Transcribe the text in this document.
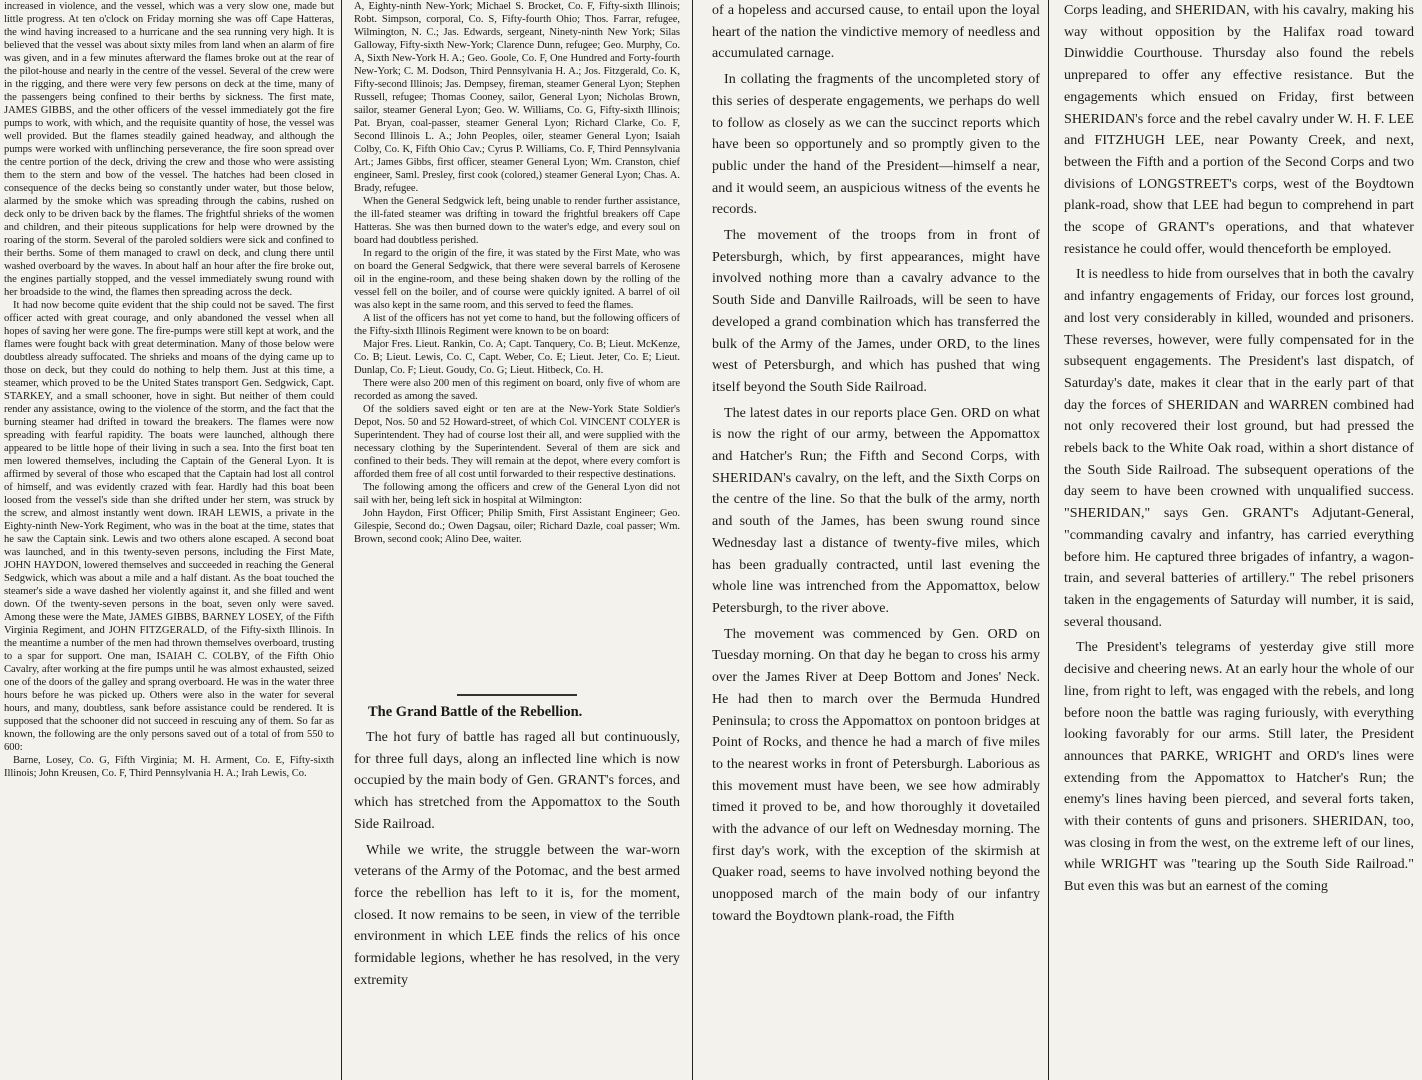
increased in violence, and the vessel, which was a very slow one, made but little progress. At ten o'clock on Friday morning she was off Cape Hatteras, the wind having increased to a hurricane and the sea running very high. It is believed that the vessel was about sixty miles from land when an alarm of fire was given, and in a few minutes afterward the flames broke out at the rear of the pilot-house and nearly in the centre of the vessel. Several of the crew were in the rigging, and there were very few persons on deck at the time, many of the passengers being confined to their berths by sickness. The first mate, JAMES GIBBS, and the other officers of the vessel immediately got the fire pumps to work, with which, and the requisite quantity of hose, the vessel was well provided. But the flames steadily gained headway, and although the pumps were worked with unflinching perseverance, the fire soon spread over the centre portion of the deck, driving the crew and those who were assisting them to the stern and bow of the vessel. The hatches had been closed in consequence of the decks being so constantly under water, but those below, alarmed by the smoke which was spreading through the cabins, rushed on deck only to be driven back by the flames. The frightful shrieks of the women and children, and their piteous supplications for help were drowned by the roaring of the storm. Several of the paroled soldiers were sick and confined to their berths. Some of them managed to crawl on deck, and clung there until washed overboard by the waves. In about half an hour after the fire broke out, the engines partially stopped, and the vessel immediately swung round with her broadside to the wind, the flames then spreading across the deck.

It had now become quite evident that the ship could not be saved. The first officer acted with great courage, and only abandoned the vessel when all hopes of saving her were gone. The fire-pumps were still kept at work, and the flames were fought back with great determination. Many of those below were doubtless already suffocated. The shrieks and moans of the dying came up to those on deck, but they could do nothing to help them. Just at this time, a steamer, which proved to be the United States transport Gen. Sedgwick, Capt. STARKEY, and a small schooner, hove in sight. But neither of them could render any assistance, owing to the violence of the storm, and the fact that the burning steamer had drifted in toward the breakers. The flames were now spreading with fearful rapidity. The boats were launched, although there appeared to be little hope of their living in such a sea. Into the first boat ten men lowered themselves, including the Captain of the General Lyon. It is affirmed by several of those who escaped that the Captain had lost all control of himself, and was evidently crazed with fear. Hardly had this boat been loosed from the vessel's side than she drifted under her stern, was struck by the screw, and almost instantly went down. IRAH LEWIS, a private in the Eighty-ninth New-York Regiment, who was in the boat at the time, states that he saw the Captain sink. Lewis and two others alone escaped. A second boat was launched, and in this twenty-seven persons, including the First Mate, JOHN HAYDON, lowered themselves and succeeded in reaching the General Sedgwick, which was about a mile and a half distant. As the boat touched the steamer's side a wave dashed her violently against it, and she filled and went down. Of the twenty-seven persons in the boat, seven only were saved. Among these were the Mate, JAMES GIBBS, BARNEY LOSEY, of the Fifth Virginia Regiment, and JOHN FITZGERALD, of the Fifty-sixth Illinois. In the meantime a number of the men had thrown themselves overboard, trusting to a spar for support. One man, ISAIAH C. COLBY, of the Fifth Ohio Cavalry, after working at the fire pumps until he was almost exhausted, seized one of the doors of the galley and sprang overboard. He was in the water three hours before he was picked up. Others were also in the water for several hours, and many, doubtless, sank before assistance could be rendered. It is supposed that the schooner did not succeed in rescuing any of them. So far as known, the following are the only persons saved out of a total of from 550 to 600:

Barne, Losey, Co. G, Fifth Virginia; M. H. Arment, Co. E, Fifty-sixth Illinois; John Kreusen, Co. F, Third Pennsylvania H. A.; Irah Lewis, Co.

A, Eighty-ninth New-York; Michael S. Brocket, Co. F, Fifty-sixth Illinois; Robt. Simpson, corporal, Co. S, Fifty-fourth Ohio; Thos. Farrar, refugee, Wilmington, N. C.; Jas. Edwards, sergeant, Ninety-ninth New York; Silas Galloway, Fifty-sixth New-York; Clarence Dunn, refugee; Geo. Murphy, Co. A, Sixth New-York H. A.; Geo. Goole, Co. F, One Hundred and Forty-fourth New-York; C. M. Dodson, Third Pennsylvania H. A.; Jos. Fitzgerald, Co. K, Fifty-second Illinois; Jas. Dempsey, fireman, steamer General Lyon; Stephen Russell, refugee; Thomas Cooney, sailor, General Lyon; Nicholas Brown, sailor, steamer General Lyon; Geo. W. Williams, Co. G, Fifty-sixth Illinois; Pat. Bryan, coal-passer, steamer General Lyon; Richard Clarke, Co. F, Second Illinois L. A.; John Peoples, oiler, steamer General Lyon; Isaiah Colby, Co. K, Fifth Ohio Cav.; Cyrus P. Williams, Co. F, Third Pennsylvania Art.; James Gibbs, first officer, steamer General Lyon; Wm. Cranston, chief engineer, Saml. Presley, first cook (colored,) steamer General Lyon; Chas. A. Brady, refugee.

When the General Sedgwick left, being unable to render further assistance, the ill-fated steamer was drifting in toward the frightful breakers off Cape Hatteras. She was then burned down to the water's edge, and every soul on board had doubtless perished.

In regard to the origin of the fire, it was stated by the First Mate, who was on board the General Sedgwick, that there were several barrels of Kerosene oil in the engine-room, and these being shaken down by the rolling of the vessel fell on the boiler, and of course were quickly ignited. A barrel of oil was also kept in the same room, and this served to feed the flames.

A list of the officers has not yet come to hand, but the following officers of the Fifty-sixth Illinois Regiment were known to be on board:

Major Fres. Lieut. Rankin, Co. A; Capt. Tanquery, Co. B; Lieut. McKenze, Co. B; Lieut. Lewis, Co. C, Capt. Weber, Co. E; Lieut. Jeter, Co. E; Lieut. Dunlap, Co. F; Lieut. Goudy, Co. G; Lieut. Hitbeck, Co. H.

There were also 200 men of this regiment on board, only five of whom are recorded as among the saved.

Of the soldiers saved eight or ten are at the New-York State Soldier's Depot, Nos. 50 and 52 Howard-street, of which Col. VINCENT COLYER is Superintendent. They had of course lost their all, and were supplied with the necessary clothing by the Superintendent. Several of them are sick and confined to their beds. They will remain at the depot, where every comfort is afforded them free of all cost until forwarded to their respective destinations.

The following among the officers and crew of the General Lyon did not sail with her, being left sick in hospital at Wilmington:

John Haydon, First Officer; Philip Smith, First Assistant Engineer; Geo. Gilespie, Second do.; Owen Dagsau, oiler; Richard Dazle, coal passer; Wm. Brown, second cook; Alino Dee, waiter.

The Grand Battle of the Rebellion.

The hot fury of battle has raged all but continuously, for three full days, along an inflected line which is now occupied by the main body of Gen. GRANT's forces, and which has stretched from the Appomattox to the South Side Railroad.

While we write, the struggle between the war-worn veterans of the Army of the Potomac, and the best armed force the rebellion has left to it is, for the moment, closed. It now remains to be seen, in view of the terrible environment in which LEE finds the relics of his once formidable legions, whether he has resolved, in the very extremity

of a hopeless and accursed cause, to entail upon the loyal heart of the nation the vindictive memory of needless and accumulated carnage.

In collating the fragments of the uncompleted story of this series of desperate engagements, we perhaps do well to follow as closely as we can the succinct reports which have been so opportunely and so promptly given to the public under the hand of the President—himself a near, and it would seem, an auspicious witness of the events he records.

The movement of the troops from in front of Petersburgh, which, by first appearances, might have involved nothing more than a cavalry advance to the South Side and Danville Railroads, will be seen to have developed a grand combination which has transferred the bulk of the Army of the James, under ORD, to the lines west of Petersburgh, and which has pushed that wing itself beyond the South Side Railroad.

The latest dates in our reports place Gen. ORD on what is now the right of our army, between the Appomattox and Hatcher's Run; the Fifth and Second Corps, with SHERIDAN's cavalry, on the left, and the Sixth Corps on the centre of the line. So that the bulk of the army, north and south of the James, has been swung round since Wednesday last a distance of twenty-five miles, which has been gradually contracted, until last evening the whole line was intrenched from the Appomattox, below Petersburgh, to the river above.

The movement was commenced by Gen. ORD on Tuesday morning. On that day he began to cross his army over the James River at Deep Bottom and Jones' Neck. He had then to march over the Bermuda Hundred Peninsula; to cross the Appomattox on pontoon bridges at Point of Rocks, and thence he had a march of five miles to the nearest works in front of Petersburgh. Laborious as this movement must have been, we see how admirably timed it proved to be, and how thoroughly it dovetailed with the advance of our left on Wednesday morning. The first day's work, with the exception of the skirmish at Quaker road, seems to have involved nothing beyond the unopposed march of the main body of our infantry toward the Boydtown plank-road, the Fifth

Corps leading, and SHERIDAN, with his cavalry, making his way without opposition by the Halifax road toward Dinwiddie Courthouse. Thursday also found the rebels unprepared to offer any effective resistance. But the engagements which ensued on Friday, first between SHERIDAN's force and the rebel cavalry under W. H. F. LEE and FITZHUGH LEE, near Powanty Creek, and next, between the Fifth and a portion of the Second Corps and two divisions of LONGSTREET's corps, west of the Boydtown plank-road, show that LEE had begun to comprehend in part the scope of GRANT's operations, and that whatever resistance he could offer, would thenceforth be employed.

It is needless to hide from ourselves that in both the cavalry and infantry engagements of Friday, our forces lost ground, and lost very considerably in killed, wounded and prisoners. These reverses, however, were fully compensated for in the subsequent engagements. The President's last dispatch, of Saturday's date, makes it clear that in the early part of that day the forces of SHERIDAN and WARREN combined had not only recovered their lost ground, but had pressed the rebels back to the White Oak road, within a short distance of the South Side Railroad. The subsequent operations of the day seem to have been crowned with unqualified success. "SHERIDAN," says Gen. GRANT's Adjutant-General, "commanding cavalry and infantry, has carried everything before him. He captured three brigades of infantry, a wagon-train, and several batteries of artillery." The rebel prisoners taken in the engagements of Saturday will number, it is said, several thousand.

The President's telegrams of yesterday give still more decisive and cheering news. At an early hour the whole of our line, from right to left, was engaged with the rebels, and long before noon the battle was raging furiously, with everything looking favorably for our arms. Still later, the President announces that PARKE, WRIGHT and ORD's lines were extending from the Appomattox to Hatcher's Run; the enemy's lines having been pierced, and several forts taken, with their contents of guns and prisoners. SHERIDAN, too, was closing in from the west, on the extreme left of our lines, while WRIGHT was "tearing up the South Side Railroad." But even this was but an earnest of the coming
